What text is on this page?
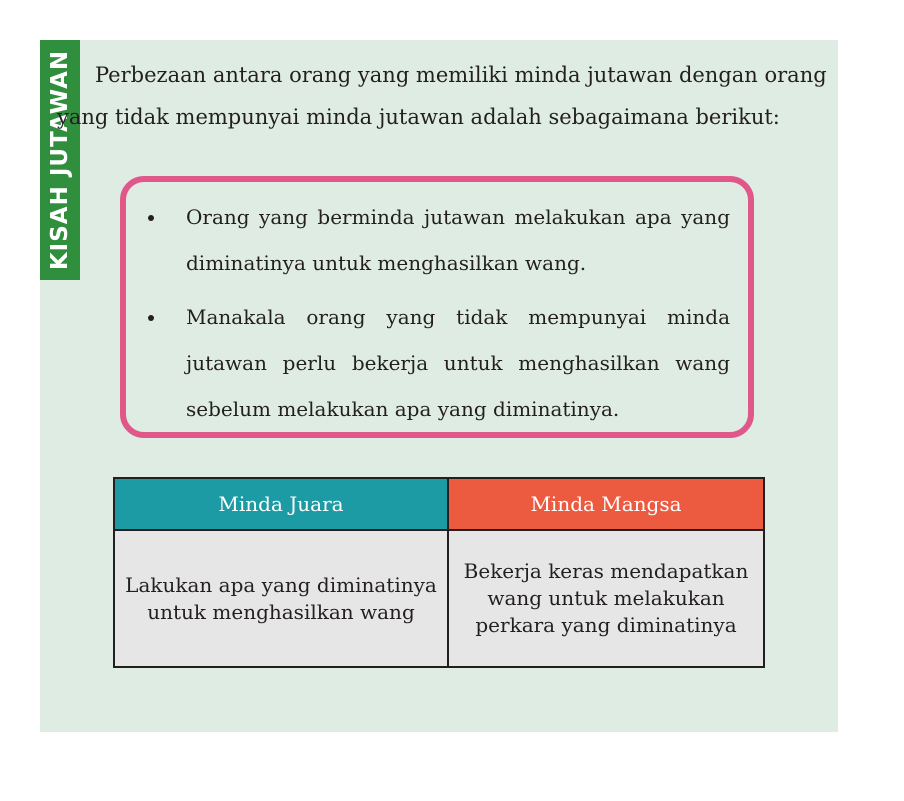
KISAH JUTAWAN	Perbezaan antara orang yang memiliki minda jutawan dengan orang yang tidak mempunyai minda jutawan adalah sebagaimana berikut:

Orang yang berminda jutawan melakukan apa yang diminatinya untuk menghasilkan wang.
Manakala orang yang tidak mempunyai minda jutawan perlu bekerja untuk menghasilkan wang sebelum melakukan apa yang diminatinya.
Minda Juara	Minda Mangsa
Lakukan apa yang diminatinya untuk menghasilkan wang	Bekerja keras mendapatkan wang untuk melakukan perkara yang diminatinya
